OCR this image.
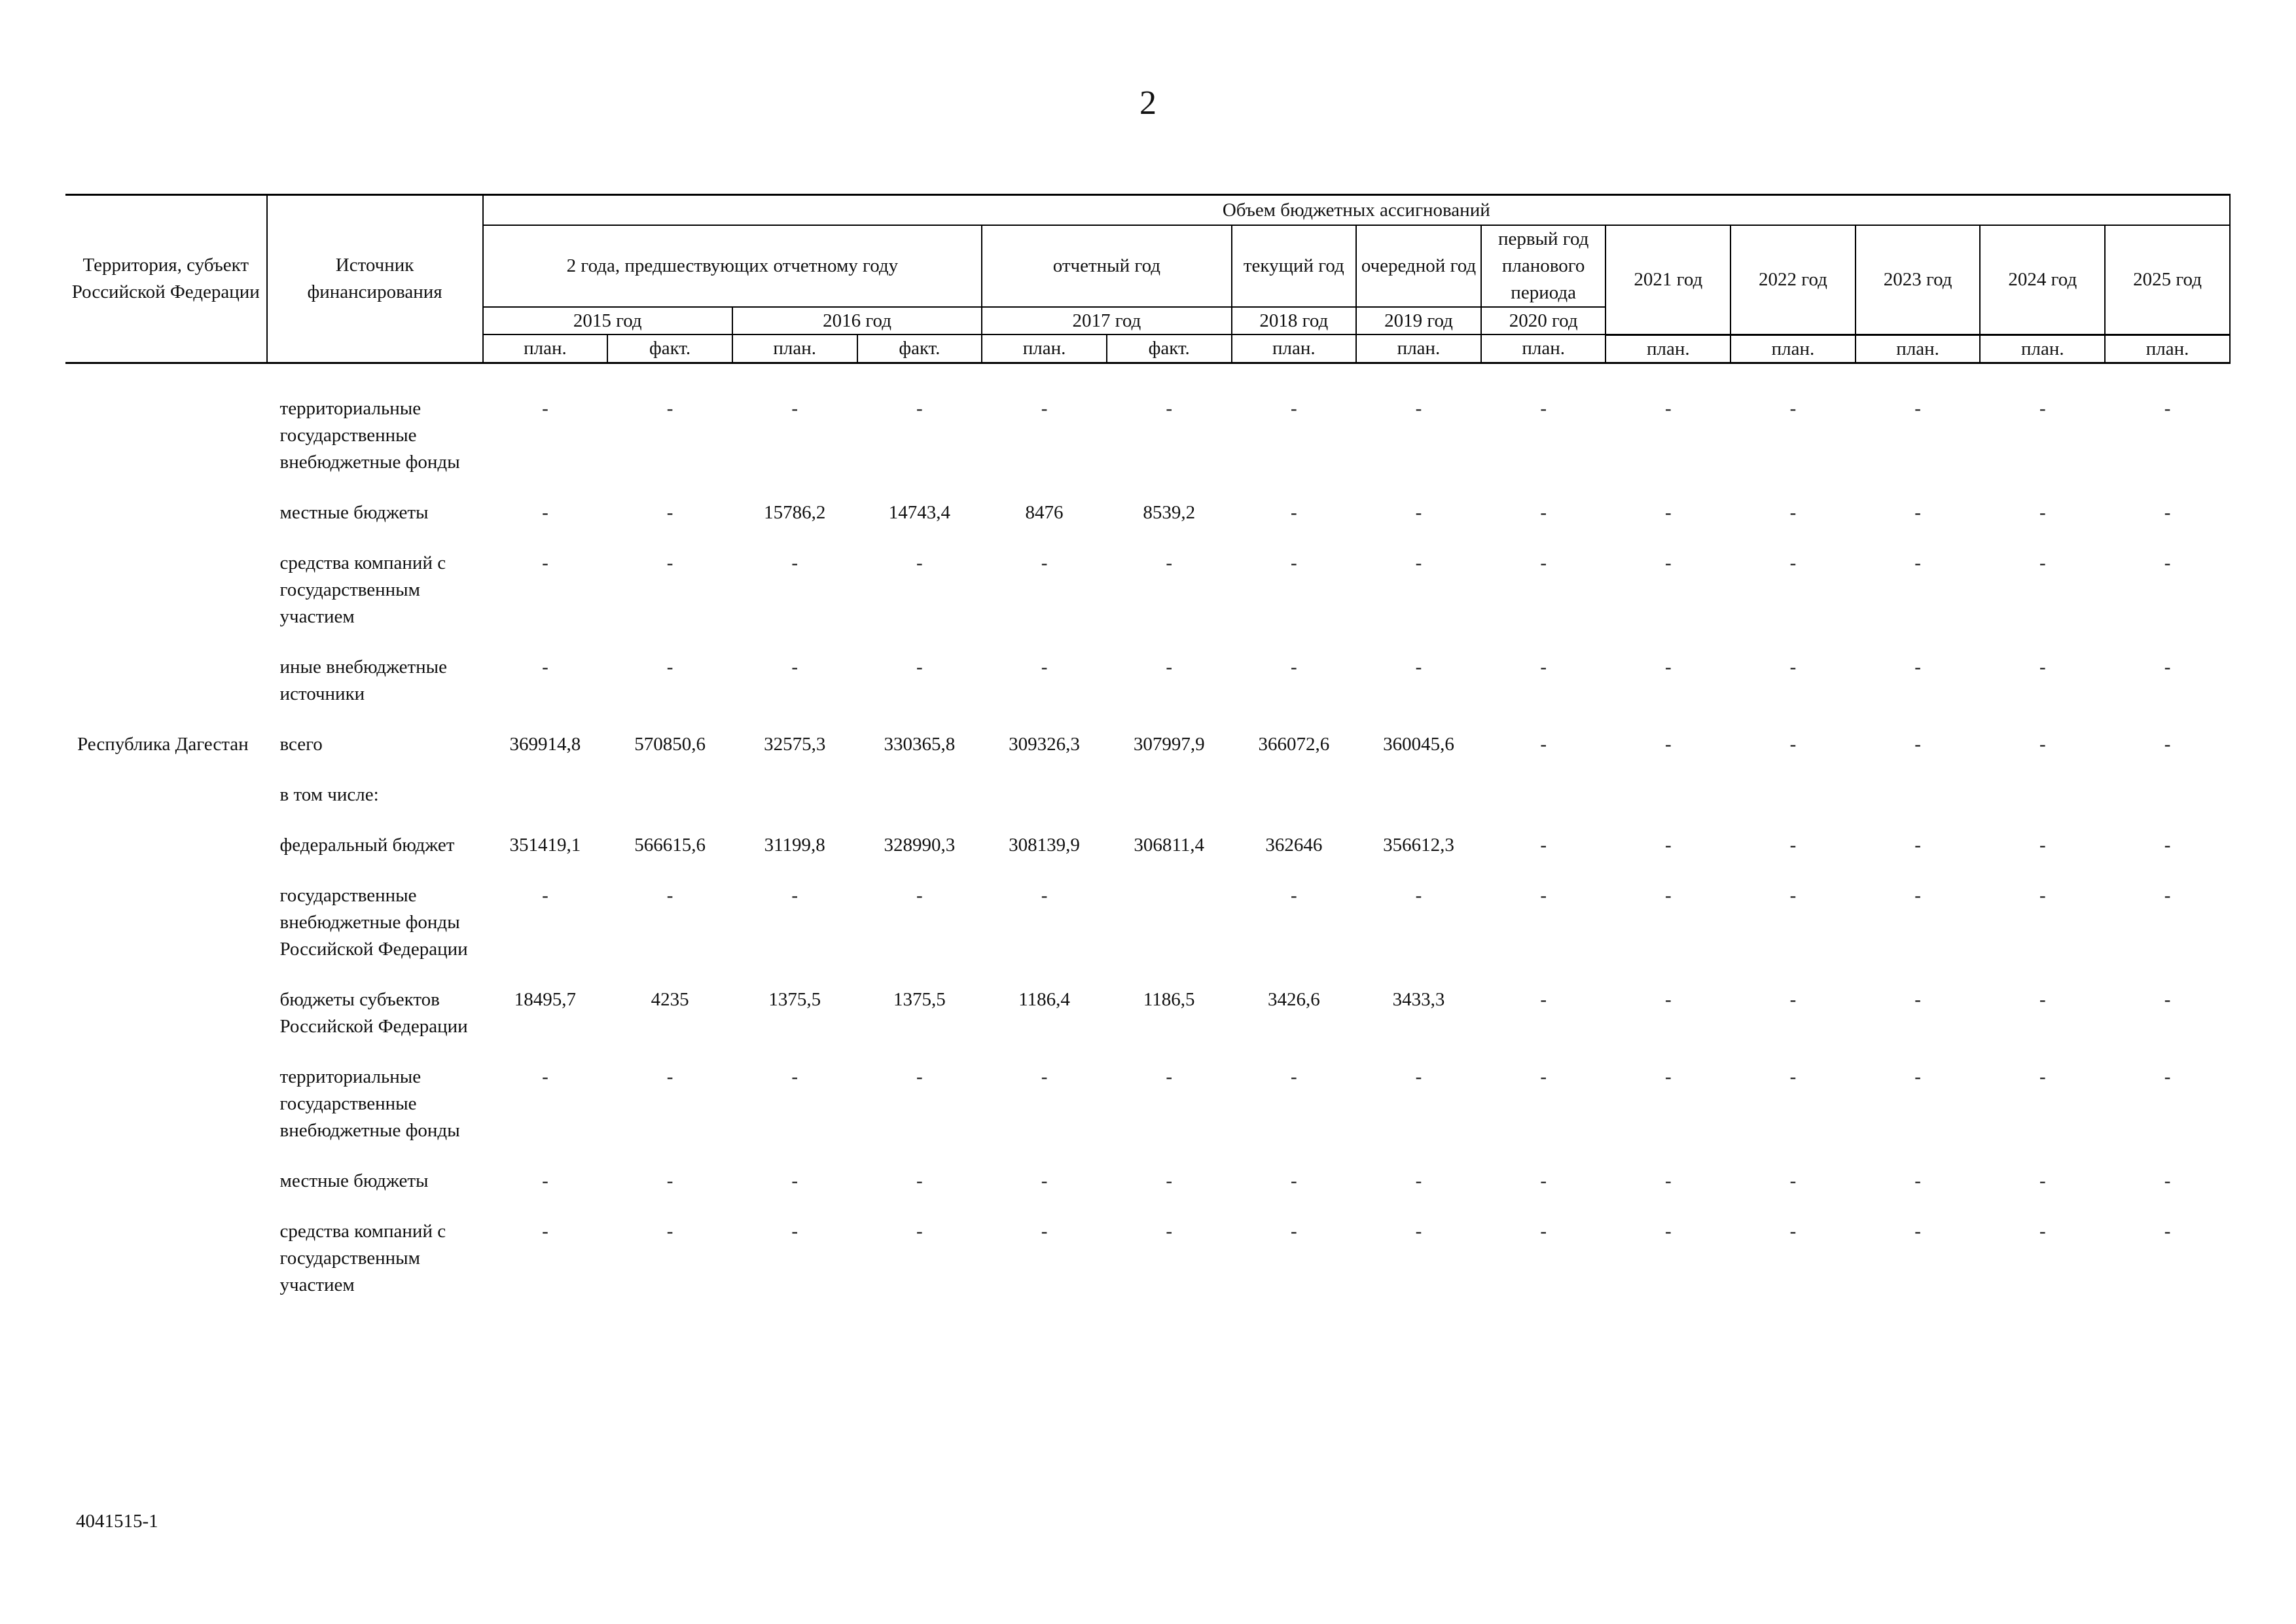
2
Территория, субъект Российской Федерации	Источник финансирования	Объем бюджетных ассигнований													
		2 года, предшествующих отчетному году				отчетный год		текущий год	очередной год	первый год планового периода	2021 год	2022 год	2023 год	2024 год	2025 год
		2015 год		2016 год		2017 год		2018 год	2019 год	2020 год					
		план.	факт.	план.	факт.	план.	факт.	план.	план.	план.	план.	план.	план.	план.	план.

	территориальные государственные внебюджетные фонды	-	-	-	-	-	-	-	-	-	-	-	-	-	-
	местные бюджеты	-	-	15786,2	14743,4	8476	8539,2	-	-	-	-	-	-	-	-
	средства компаний с государственным участием	-	-	-	-	-	-	-	-	-	-	-	-	-	-
	иные внебюджетные источники	-	-	-	-	-	-	-	-	-	-	-	-	-	-
Республика Дагестан	всего	369914,8	570850,6	32575,3	330365,8	309326,3	307997,9	366072,6	360045,6	-	-	-	-	-	-
	в том числе:														
	федеральный бюджет	351419,1	566615,6	31199,8	328990,3	308139,9	306811,4	362646	356612,3	-	-	-	-	-	-
	государственные внебюджетные фонды Российской Федерации	-	-	-	-	-		-	-	-	-	-	-	-	-
	бюджеты субъектов Российской Федерации	18495,7	4235	1375,5	1375,5	1186,4	1186,5	3426,6	3433,3	-	-	-	-	-	-
	территориальные государственные внебюджетные фонды	-	-	-	-	-	-	-	-	-	-	-	-	-	-
	местные бюджеты	-	-	-	-	-	-	-	-	-	-	-	-	-	-
	средства компаний с государственным участием	-	-	-	-	-	-	-	-	-	-	-	-	-	-
4041515-1
